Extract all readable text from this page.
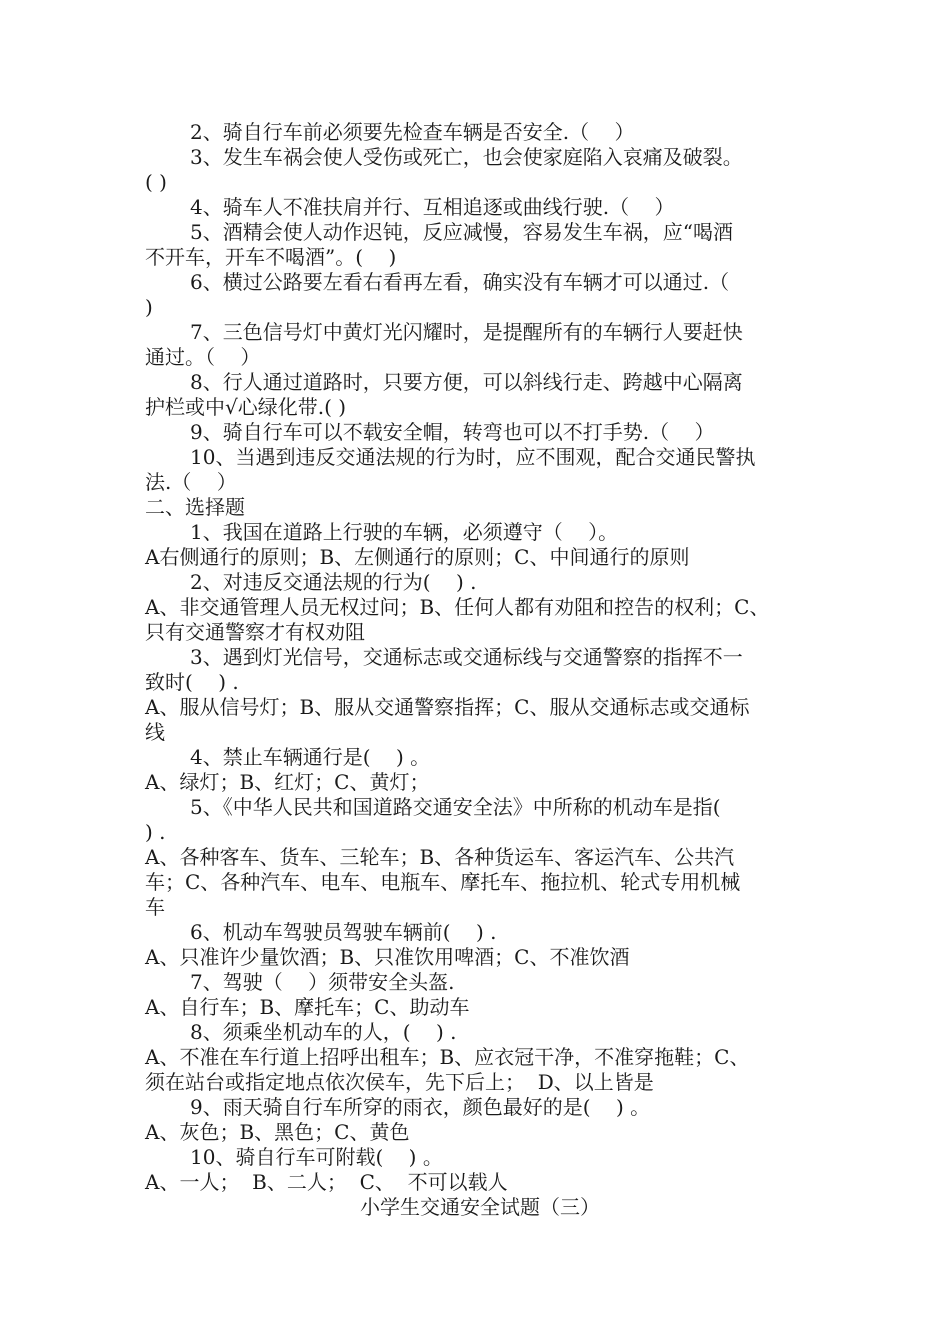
2、骑自行车前必须要先检查车辆是否安全.（    ）
3、发生车祸会使人受伤或死亡，也会使家庭陷入哀痛及破裂。
( )
4、骑车人不准扶肩并行、互相追逐或曲线行驶.（    ）
5、酒精会使人动作迟钝，反应减慢，容易发生车祸，应“喝酒
不开车，开车不喝酒”。(    )
6、横过公路要左看右看再左看，确实没有车辆才可以通过.（
)
7、三色信号灯中黄灯光闪耀时，是提醒所有的车辆行人要赶快
通过。（    ）
8、行人通过道路时，只要方便，可以斜线行走、跨越中心隔离
护栏或中√心绿化带.( )
9、骑自行车可以不载安全帽，转弯也可以不打手势.（    ）
10、当遇到违反交通法规的行为时，应不围观，配合交通民警执
法.（    ）
二、选择题
1、我国在道路上行驶的车辆，必须遵守（    ）。
A右侧通行的原则；B、左侧通行的原则；C、中间通行的原则
2、对违反交通法规的行为(    ) .
A、非交通管理人员无权过问；B、任何人都有劝阻和控告的权利；C、
只有交通警察才有权劝阻
3、遇到灯光信号，交通标志或交通标线与交通警察的指挥不一
致时(    ) .
A、服从信号灯；B、服从交通警察指挥；C、服从交通标志或交通标
线
4、禁止车辆通行是(    ) 。
A、绿灯；B、红灯；C、黄灯；
5、《中华人民共和国道路交通安全法》中所称的机动车是指(
) .
A、各种客车、货车、三轮车；B、各种货运车、客运汽车、公共汽
车；C、各种汽车、电车、电瓶车、摩托车、拖拉机、轮式专用机械
车
6、机动车驾驶员驾驶车辆前(    ) .
A、只准许少量饮酒；B、只准饮用啤酒；C、不准饮酒
7、驾驶（    ）须带安全头盔.
A、自行车；B、摩托车；C、助动车
8、须乘坐机动车的人，(    ) .
A、不准在车行道上招呼出租车；B、应衣冠干净，不准穿拖鞋；C、
须在站台或指定地点依次侯车，先下后上；  D、以上皆是
9、雨天骑自行车所穿的雨衣，颜色最好的是(    ) 。
A、灰色；B、黑色；C、黄色
10、骑自行车可附载(    ) 。
A、一人；  B、二人；  C、  不可以载人
小学生交通安全试题（三）
